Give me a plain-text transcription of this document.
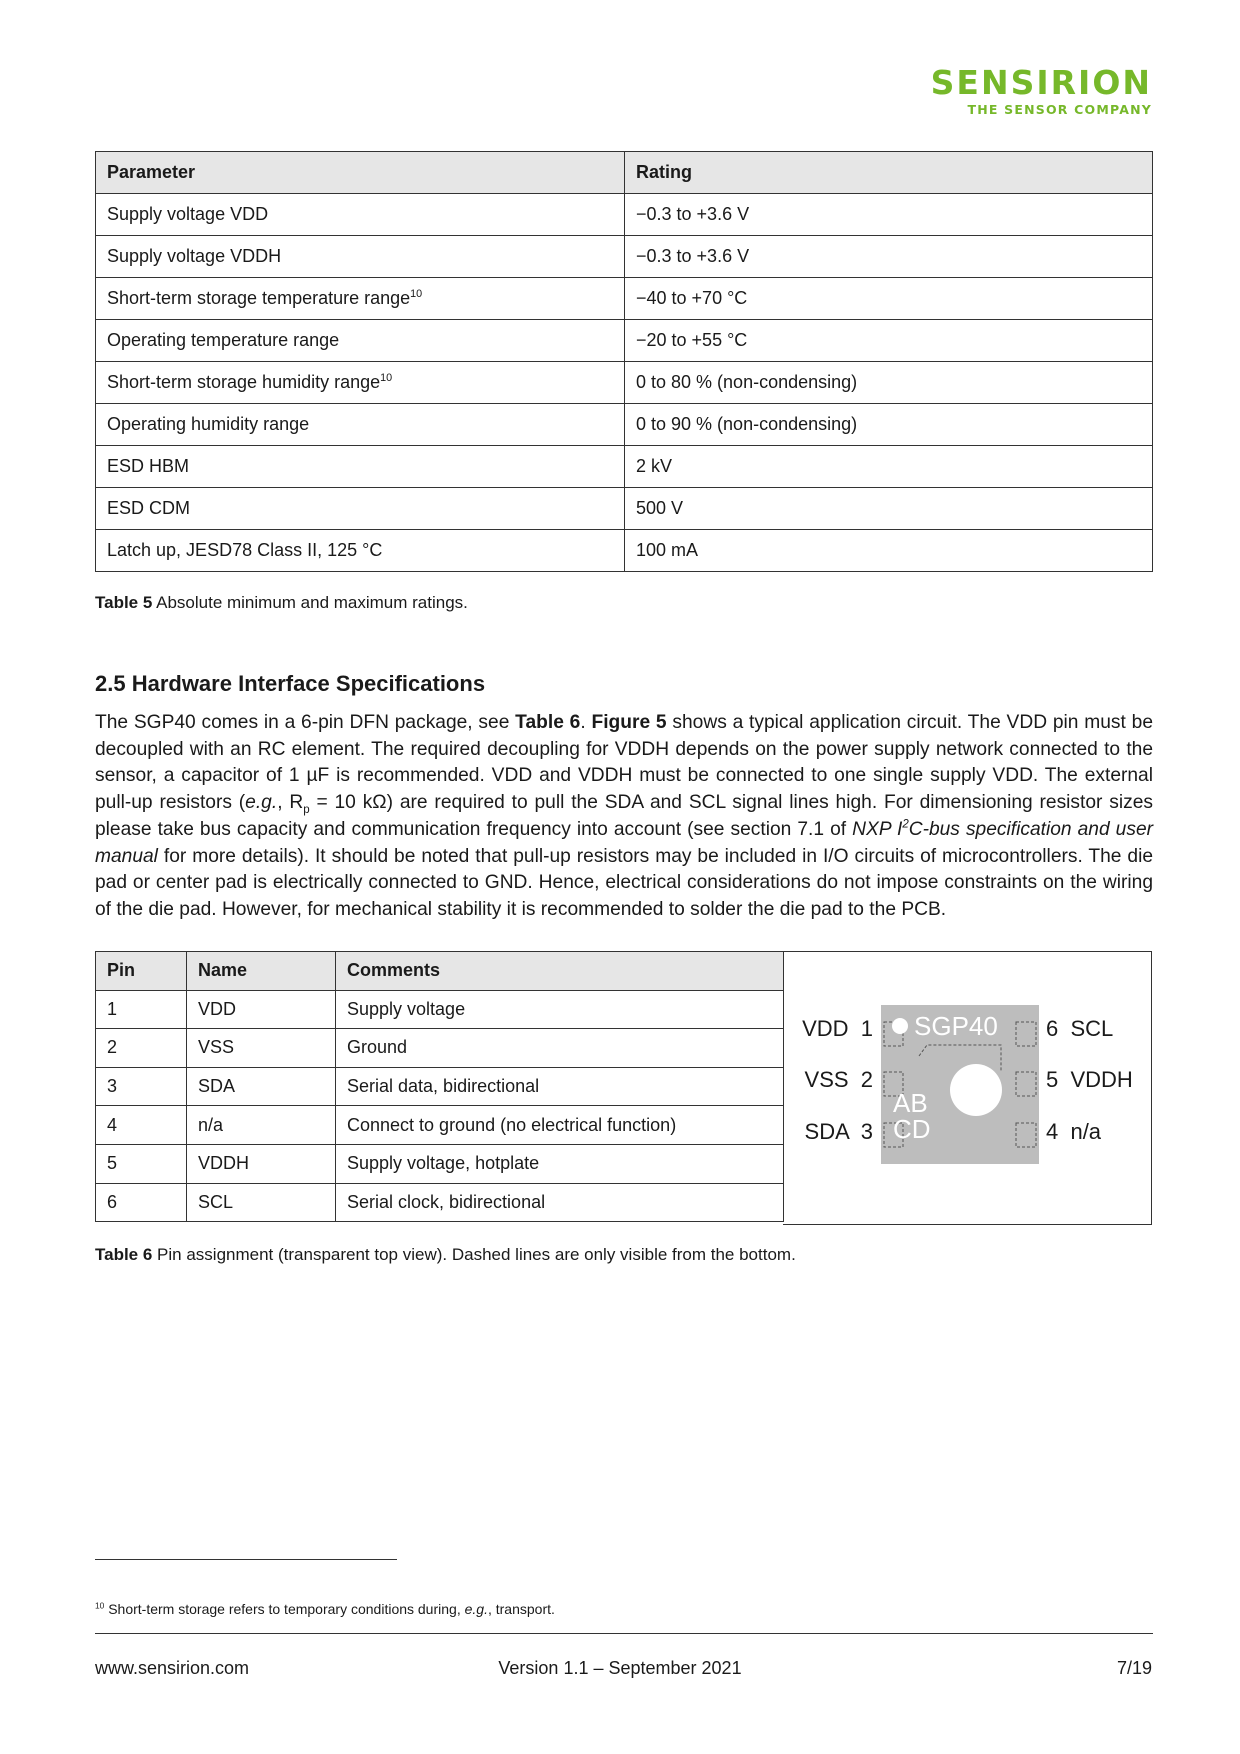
SENSIRION
THE SENSOR COMPANY
Parameter	Rating
Supply voltage VDD	−0.3 to +3.6 V
Supply voltage VDDH	−0.3 to +3.6 V
Short-term storage temperature range$^{10}$	−40 to +70 °C
Operating temperature range	−20 to +55 °C
Short-term storage humidity range$^{10}$	0 to 80 % (non-condensing)
Operating humidity range	0 to 90 % (non-condensing)
ESD HBM	2 kV
ESD CDM	500 V
Latch up, JESD78 Class II, 125 °C	100 mA
Table 5 Absolute minimum and maximum ratings.
2.5 Hardware Interface Specifications
The SGP40 comes in a 6-pin DFN package, see Table 6. Figure 5 shows a typical application circuit. The VDD pin must be decoupled with an RC element. The required decoupling for VDDH depends on the power supply network connected to the sensor, a capacitor of 1 µF is recommended. VDD and VDDH must be connected to one single supply VDD. The external pull-up resistors (e.g., $R_p = 10$ kΩ) are required to pull the SDA and SCL signal lines high. For dimensioning resistor sizes please take bus capacity and communication frequency into account (see section 7.1 of NXP $I^2C$-bus specification and user manual for more details). It should be noted that pull-up resistors may be included in I/O circuits of microcontrollers. The die pad or center pad is electrically connected to GND. Hence, electrical considerations do not impose constraints on the wiring of the die pad. However, for mechanical stability it is recommended to solder the die pad to the PCB.
Pin	Name	Comments
1	VDD	Supply voltage
2	VSS	Ground
3	SDA	Serial data, bidirectional
4	n/a	Connect to ground (no electrical function)
5	VDDH	Supply voltage, hotplate
6	SCL	Serial clock, bidirectional
SGP40
AB
CD
VDD  1
VSS  2
SDA  3
6  SCL
5  VDDH
4  n/a
Table 6 Pin assignment (transparent top view). Dashed lines are only visible from the bottom.
$^{10}$ Short-term storage refers to temporary conditions during, e.g., transport.
www.sensirion.com	Version 1.1 – September 2021	7/19
